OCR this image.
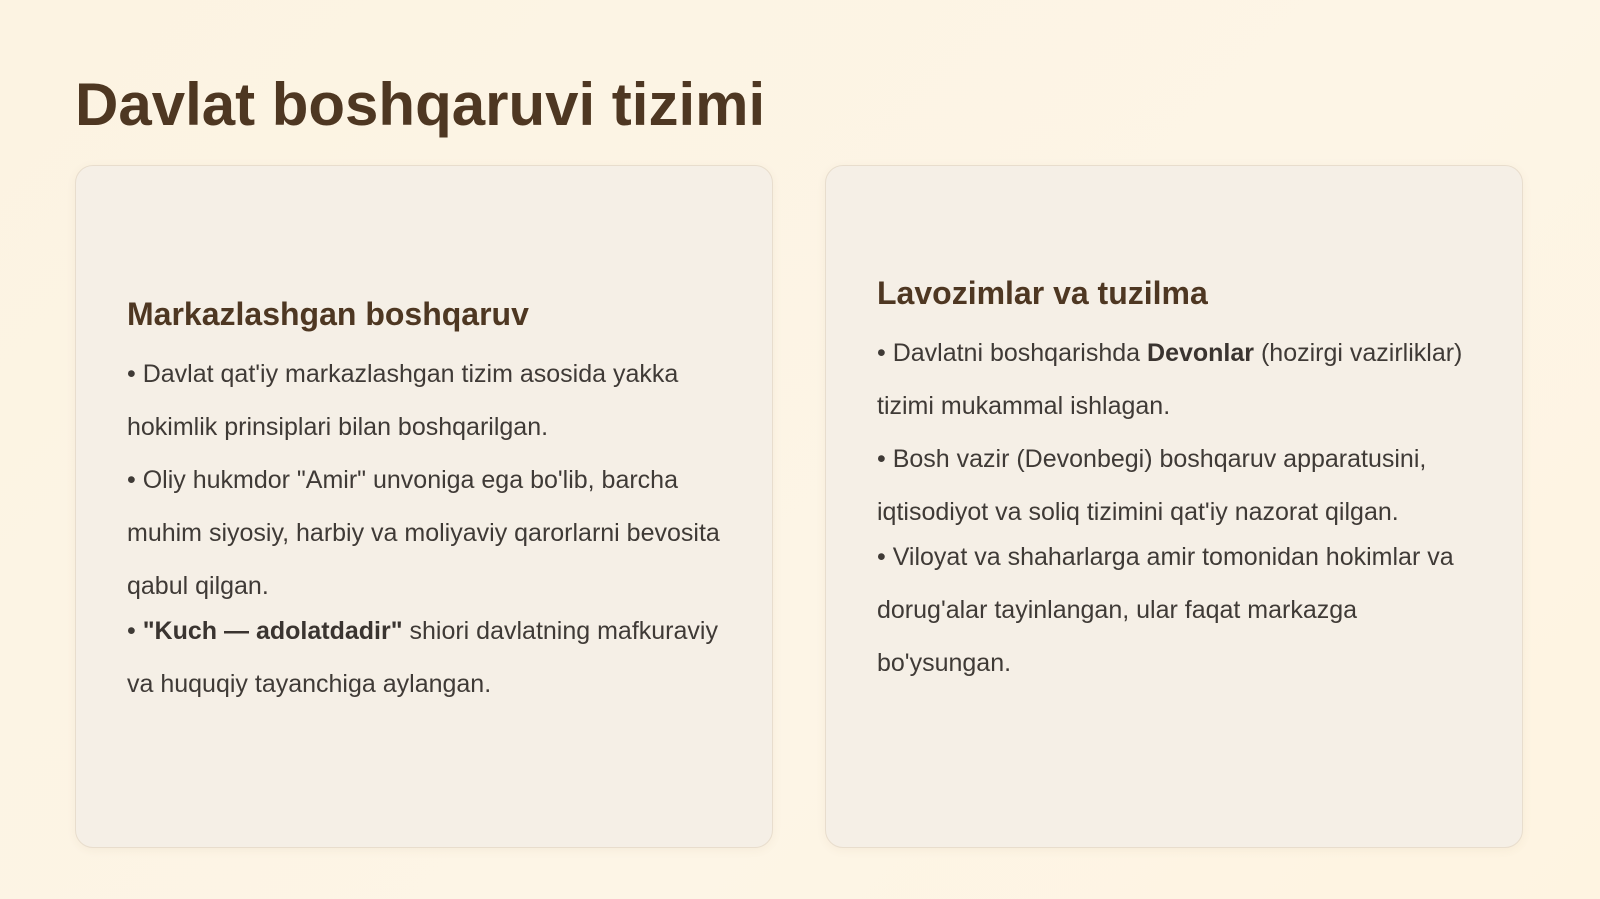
Davlat boshqaruvi tizimi
Markazlashgan boshqaruv

• Davlat qat'iy markazlashgan tizim asosida yakka hokimlik prinsiplari bilan boshqarilgan.

• Oliy hukmdor "Amir" unvoniga ega bo'lib, barcha muhim siyosiy, harbiy va moliyaviy qarorlarni bevosita qabul qilgan.

• "Kuch — adolatdadir" shiori davlatning mafkuraviy va huquqiy tayanchiga aylangan.

Lavozimlar va tuzilma

• Davlatni boshqarishda Devonlar (hozirgi vazirliklar) tizimi mukammal ishlagan.

• Bosh vazir (Devonbegi) boshqaruv apparatusini, iqtisodiyot va soliq tizimini qat'iy nazorat qilgan.

• Viloyat va shaharlarga amir tomonidan hokimlar va dorug'alar tayinlangan, ular faqat markazga bo'ysungan.
